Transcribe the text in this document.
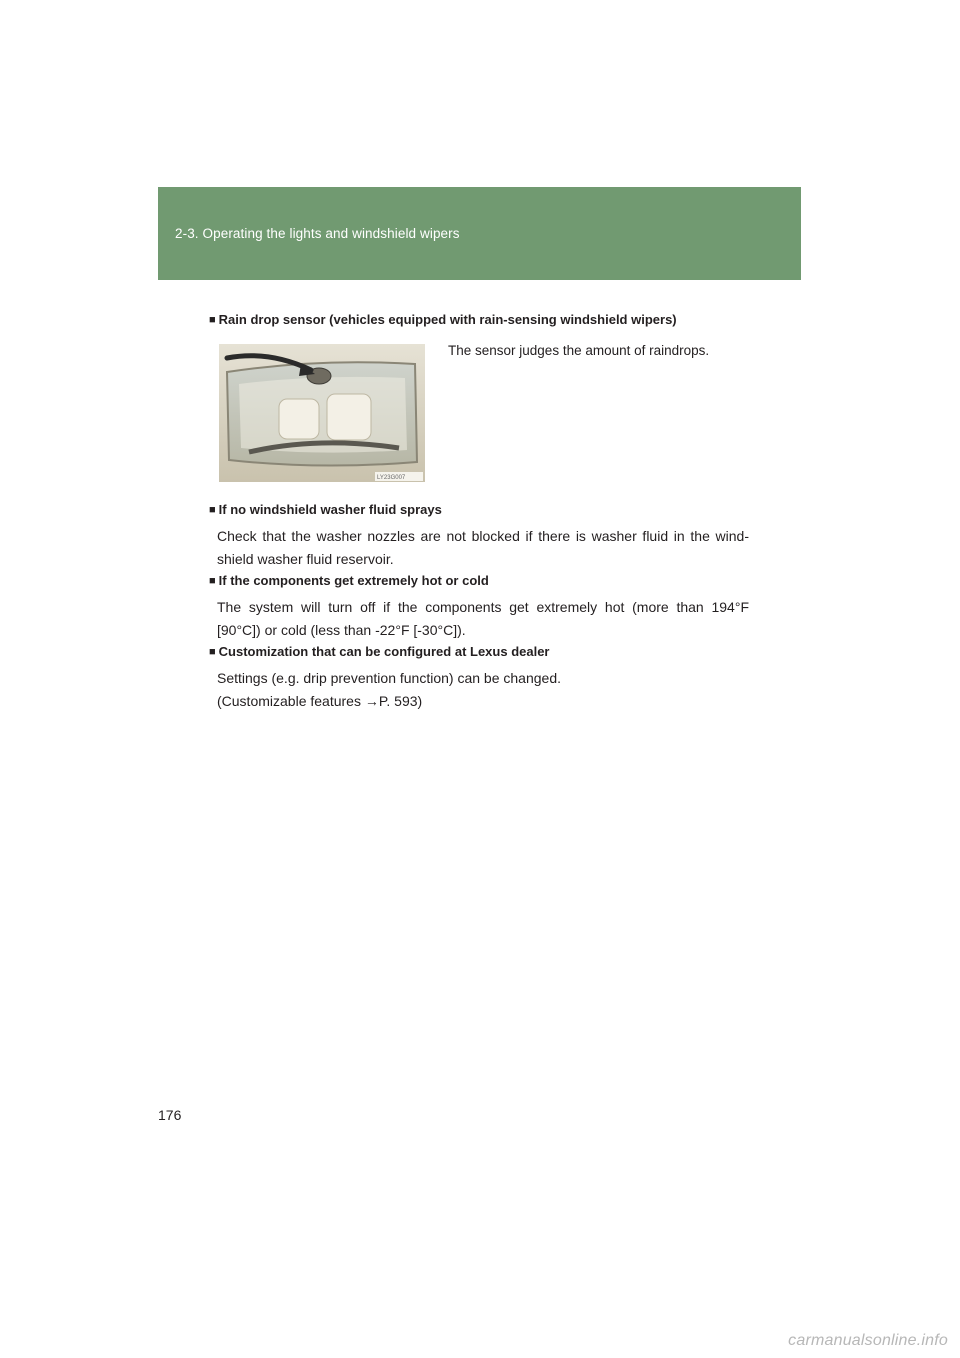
2-3. Operating the lights and windshield wipers
■ Rain drop sensor (vehicles equipped with rain-sensing windshield wipers)
LY23G007
The sensor judges the amount of raindrops.
■ If no windshield washer fluid sprays
Check that the washer nozzles are not blocked if there is washer fluid in the wind-
shield washer fluid reservoir.
■ If the components get extremely hot or cold
The system will turn off if the components get extremely hot (more than 194°F
[90°C]) or cold (less than -22°F [-30°C]).
■ Customization that can be configured at Lexus dealer
Settings (e.g. drip prevention function) can be changed.
(Customizable features →P. 593)
176
carmanualsonline.info
